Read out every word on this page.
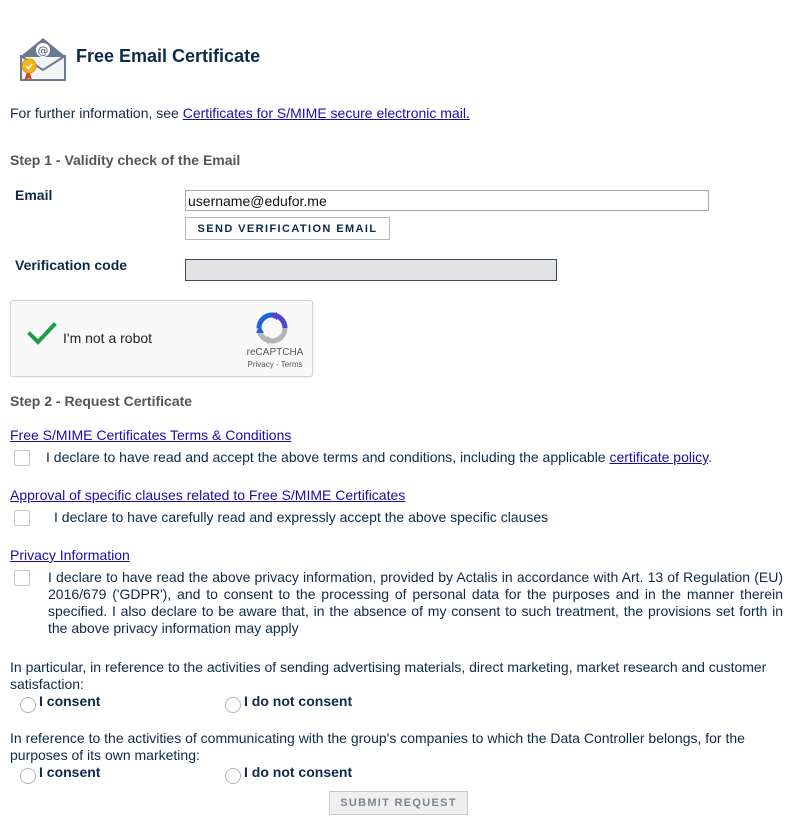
@ Free Email Certificate
For further information, see Certificates for S/MIME secure electronic mail.
Step 1 - Validity check of the Email
Email
username@edufor.me
SEND VERIFICATION EMAIL
Verification code
I'm not a robot
reCAPTCHA
Privacy - Terms
Step 2 - Request Certificate
Free S/MIME Certificates Terms & Conditions
I declare to have read and accept the above terms and conditions, including the applicable certificate policy.
Approval of specific clauses related to Free S/MIME Certificates
I declare to have carefully read and expressly accept the above specific clauses
Privacy Information
I declare to have read the above privacy information, provided by Actalis in accordance with Art. 13 of Regulation (EU) 2016/679 ('GDPR'), and to consent to the processing of personal data for the purposes and in the manner therein specified. I also declare to be aware that, in the absence of my consent to such treatment, the provisions set forth in the above privacy information may apply
In particular, in reference to the activities of sending advertising materials, direct marketing, market research and customer satisfaction:
I consent	I do not consent
In reference to the activities of communicating with the group's companies to which the Data Controller belongs, for the purposes of its own marketing:
I consent	I do not consent
SUBMIT REQUEST
